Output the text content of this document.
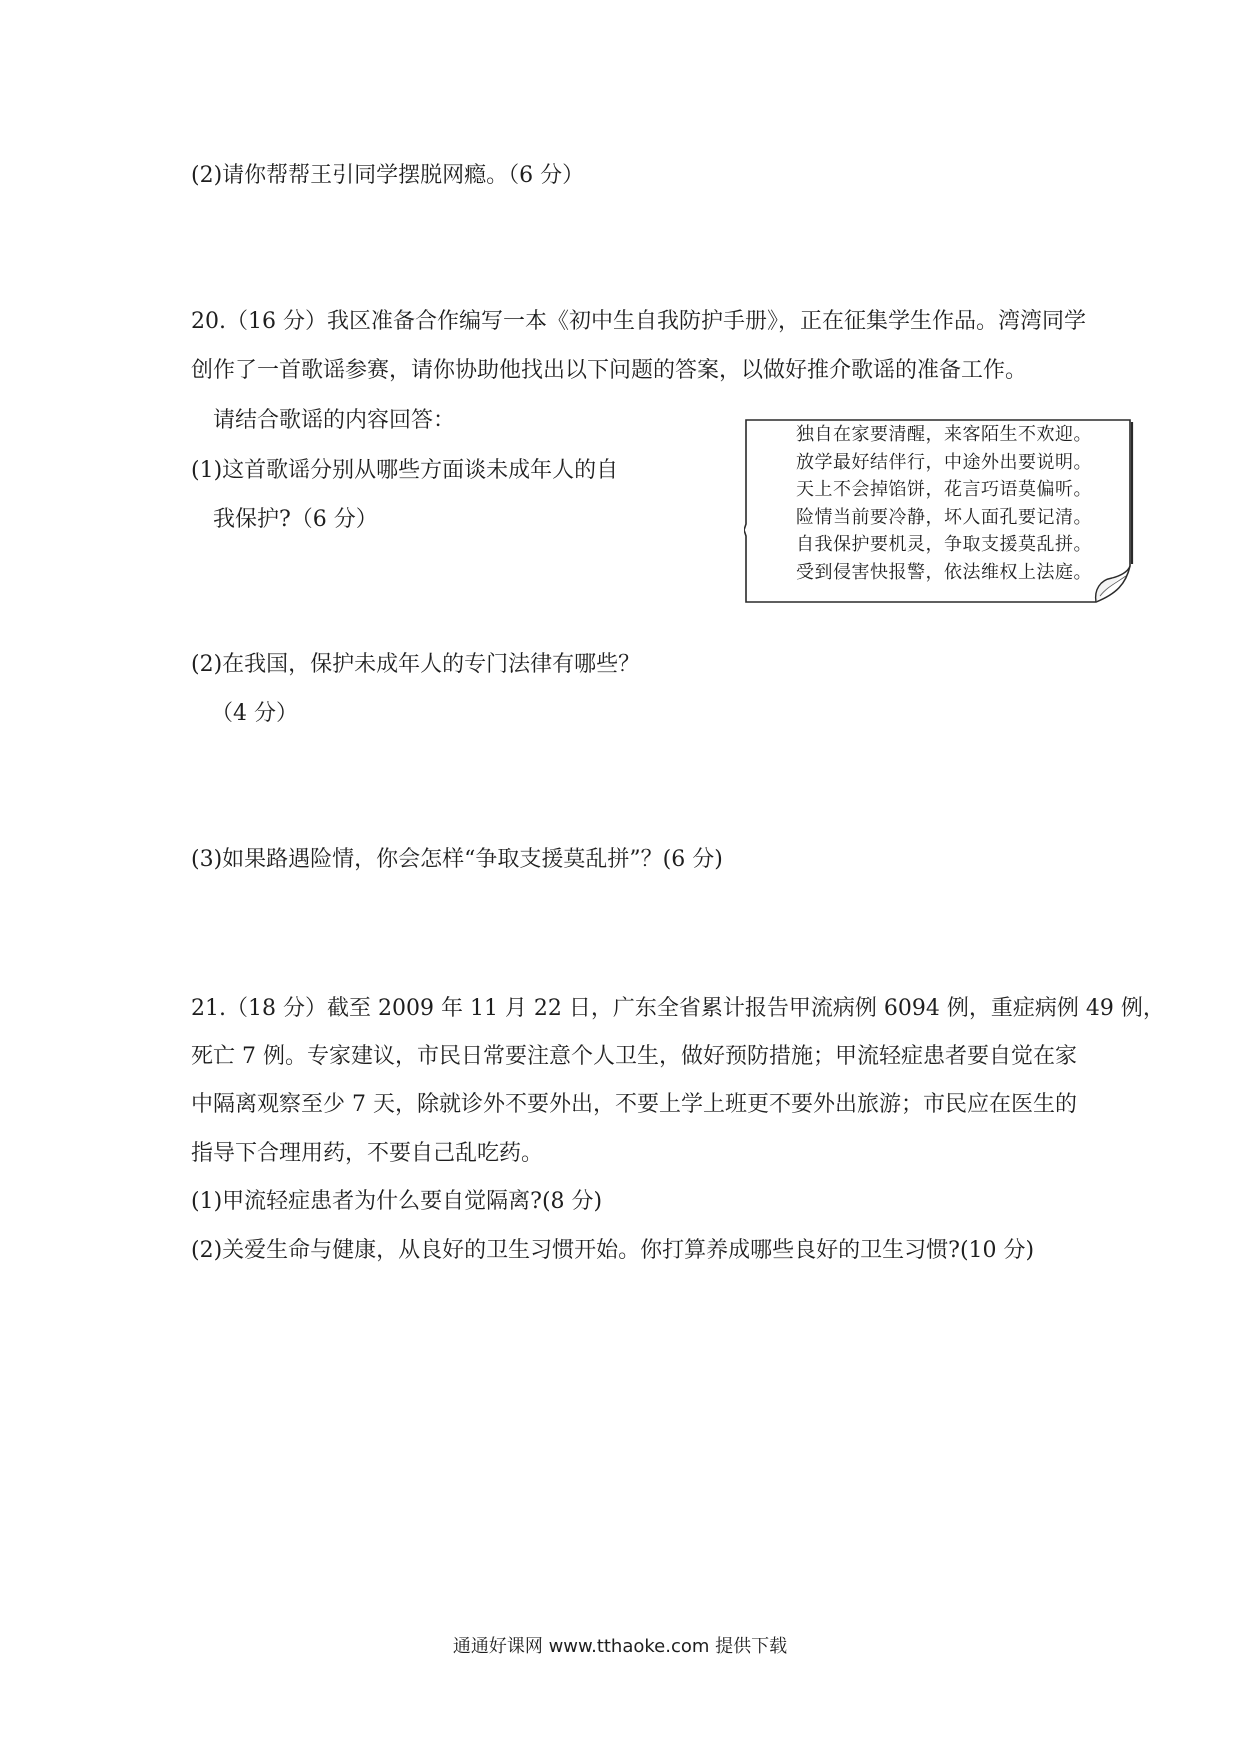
(2)请你帮帮王引同学摆脱网瘾。（6 分）
20.（16 分）我区准备合作编写一本《初中生自我防护手册》，正在征集学生作品。湾湾同学
创作了一首歌谣参赛，请你协助他找出以下问题的答案，以做好推介歌谣的准备工作。
请结合歌谣的内容回答：
(1)这首歌谣分别从哪些方面谈未成年人的自
我保护?（6 分）
独自在家要清醒，来客陌生不欢迎。
放学最好结伴行，中途外出要说明。
天上不会掉馅饼，花言巧语莫偏听。
险情当前要冷静，坏人面孔要记清。
自我保护要机灵，争取支援莫乱拼。
受到侵害快报警，依法维权上法庭。
(2)在我国，保护未成年人的专门法律有哪些？
（4 分）
(3)如果路遇险情，你会怎样“争取支援莫乱拼”？(6 分)
21.（18 分）截至 2009 年 11 月 22 日，广东全省累计报告甲流病例 6094 例，重症病例 49 例，
死亡 7 例。专家建议，市民日常要注意个人卫生，做好预防措施；甲流轻症患者要自觉在家
中隔离观察至少 7 天，除就诊外不要外出，不要上学上班更不要外出旅游；市民应在医生的
指导下合理用药，不要自己乱吃药。
(1)甲流轻症患者为什么要自觉隔离?(8 分)
(2)关爱生命与健康，从良好的卫生习惯开始。你打算养成哪些良好的卫生习惯?(10 分)
通通好课网 www.tthaoke.com 提供下载
